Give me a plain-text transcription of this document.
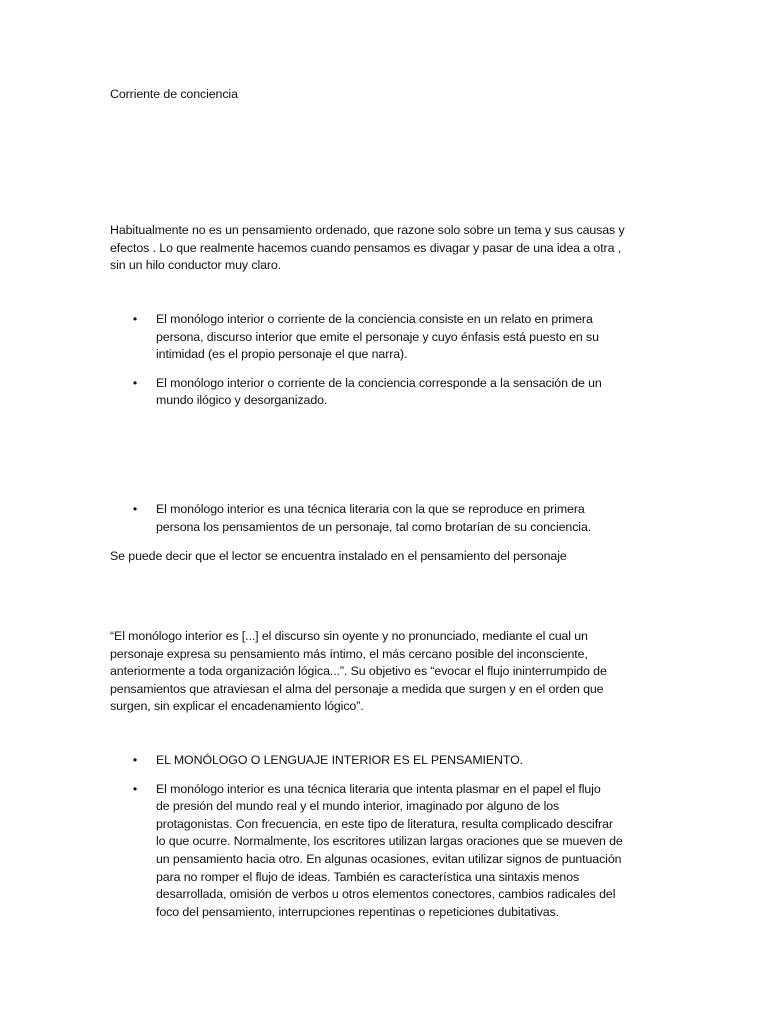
Corriente de conciencia
Habitualmente no es un pensamiento ordenado, que razone solo sobre un tema y sus causas y
efectos . Lo que realmente hacemos cuando pensamos es divagar y pasar de una idea a otra ,
sin un hilo conductor muy claro.
• El monólogo interior o corriente de la conciencia consiste en un relato en primera
persona, discurso interior que emite el personaje y cuyo énfasis está puesto en su
intimidad (es el propio personaje el que narra).
• El monólogo interior o corriente de la conciencia corresponde a la sensación de un
mundo ilógico y desorganizado.
• El monólogo interior es una técnica literaria con la que se reproduce en primera
persona los pensamientos de un personaje, tal como brotarían de su conciencia.
Se puede decir que el lector se encuentra instalado en el pensamiento del personaje
“El monólogo interior es [...] el discurso sin oyente y no pronunciado, mediante el cual un
personaje expresa su pensamiento más íntimo, el más cercano posible del inconsciente,
anteriormente a toda organización lógica...”. Su objetivo es “evocar el flujo ininterrumpido de
pensamientos que atraviesan el alma del personaje a medida que surgen y en el orden que
surgen, sin explicar el encadenamiento lógico”.
• EL MONÓLOGO O LENGUAJE INTERIOR ES EL PENSAMIENTO.
• El monólogo interior es una técnica literaria que intenta plasmar en el papel el flujo
de presión del mundo real y el mundo interior, imaginado por alguno de los
protagonistas. Con frecuencia, en este tipo de literatura, resulta complicado descifrar
lo que ocurre. Normalmente, los escritores utilizan largas oraciones que se mueven de
un pensamiento hacia otro. En algunas ocasiones, evitan utilizar signos de puntuación
para no romper el flujo de ideas. También es característica una sintaxis menos
desarrollada, omisión de verbos u otros elementos conectores, cambios radicales del
foco del pensamiento, interrupciones repentinas o repeticiones dubitativas.
